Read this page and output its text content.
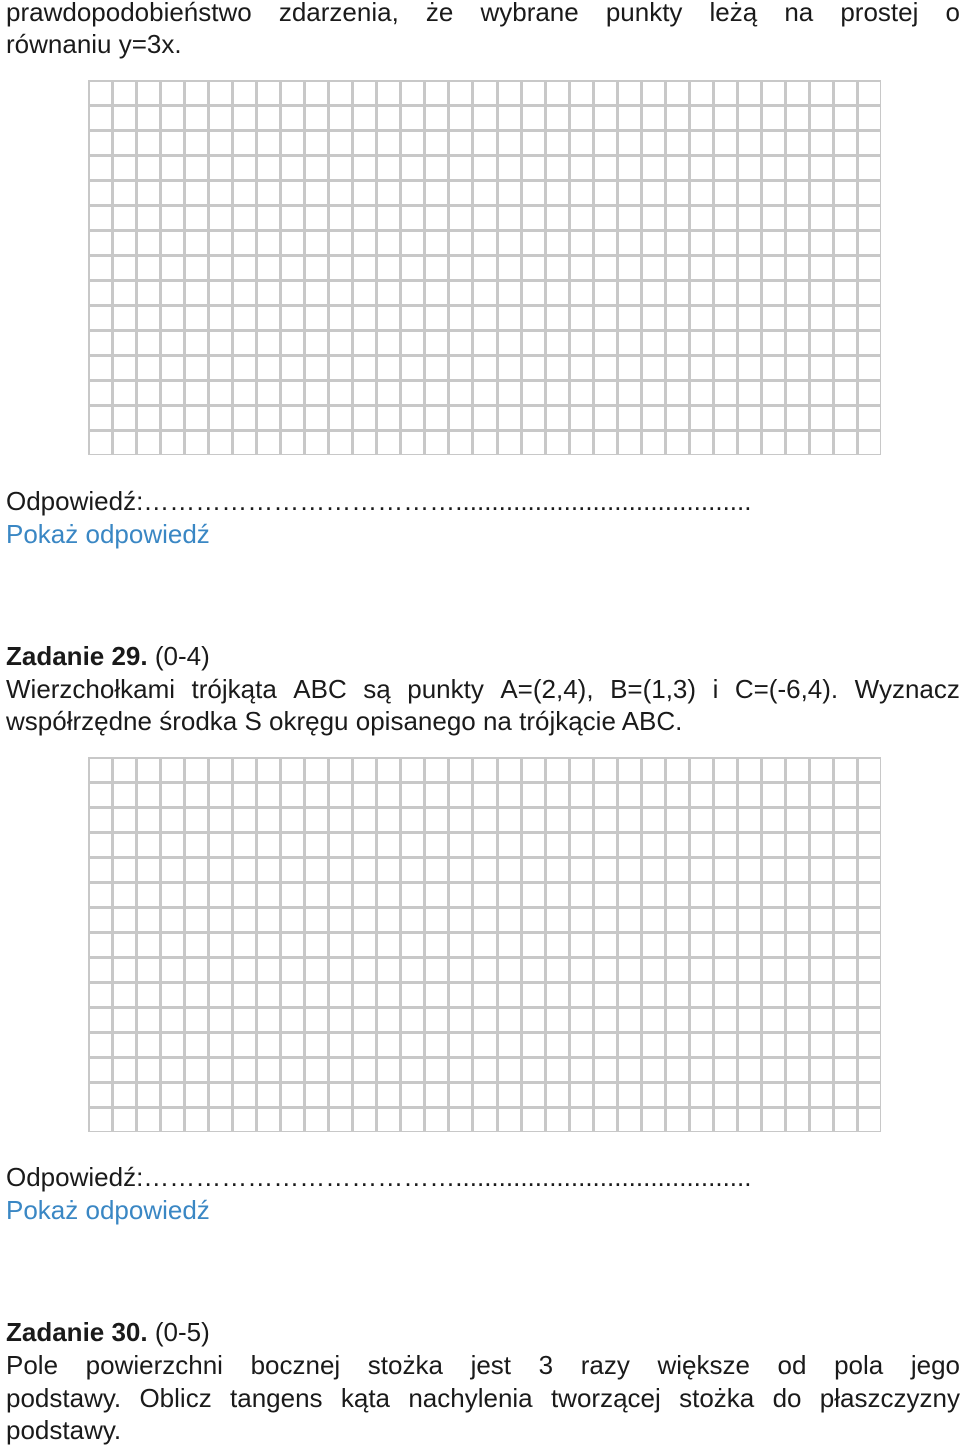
prawdopodobieństwo zdarzenia, że wybrane punkty leżą na prostej o
równaniu y=3x.
Odpowiedź:……………………………….........................................
Pokaż odpowiedź
Zadanie 29. (0-4)
Wierzchołkami trójkąta ABC są punkty A=(2,4), B=(1,3) i C=(-6,4). Wyznacz
współrzędne środka S okręgu opisanego na trójkącie ABC.
Odpowiedź:……………………………….........................................
Pokaż odpowiedź
Zadanie 30. (0-5)
Pole powierzchni bocznej stożka jest 3 razy większe od pola jego
podstawy. Oblicz tangens kąta nachylenia tworzącej stożka do płaszczyzny
podstawy.
